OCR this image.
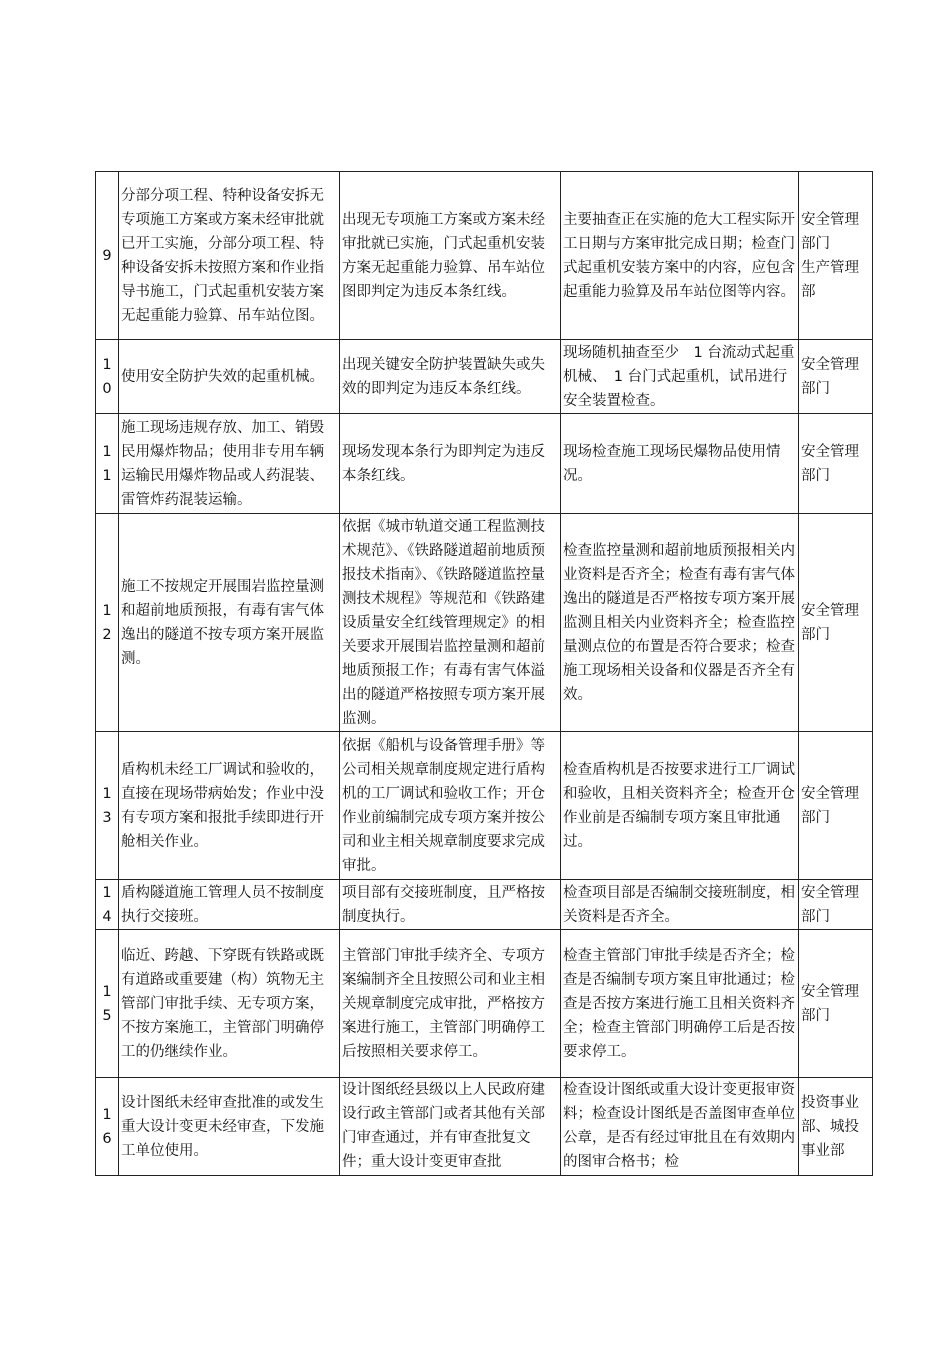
9	分部分项工程、特种设备安拆无专项施工方案或方案未经审批就已开工实施，分部分项工程、特种设备安拆未按照方案和作业指导书施工，门式起重机安装方案无起重能力验算、吊车站位图。	出现无专项施工方案或方案未经审批就已实施，门式起重机安装方案无起重能力验算、吊车站位图即判定为违反本条红线。	主要抽查正在实施的危大工程实际开工日期与方案审批完成日期；检查门式起重机安装方案中的内容，应包含起重能力验算及吊车站位图等内容。	安全管理部门
生产管理部
10	使用安全防护失效的起重机械。	出现关键安全防护装置缺失或失效的即判定为违反本条红线。	现场随机抽查至少　1 台流动式起重机械、　1 台门式起重机，试吊进行安全装置检查。	安全管理部门
11	施工现场违规存放、加工、销毁民用爆炸物品；使用非专用车辆运输民用爆炸物品或人药混装、雷管炸药混装运输。	现场发现本条行为即判定为违反本条红线。	现场检查施工现场民爆物品使用情况。	安全管理部门
12	施工不按规定开展围岩监控量测和超前地质预报，有毒有害气体逸出的隧道不按专项方案开展监测。	依据《城市轨道交通工程监测技术规范》、《铁路隧道超前地质预报技术指南》、《铁路隧道监控量测技术规程》等规范和《铁路建设质量安全红线管理规定》的相关要求开展围岩监控量测和超前地质预报工作；有毒有害气体溢出的隧道严格按照专项方案开展监测。	检查监控量测和超前地质预报相关内业资料是否齐全；检查有毒有害气体逸出的隧道是否严格按专项方案开展监测且相关内业资料齐全；检查监控量测点位的布置是否符合要求；检查施工现场相关设备和仪器是否齐全有效。	安全管理部门
13	盾构机未经工厂调试和验收的，直接在现场带病始发；作业中没有专项方案和报批手续即进行开舱相关作业。	依据《船机与设备管理手册》等公司相关规章制度规定进行盾构机的工厂调试和验收工作；开仓作业前编制完成专项方案并按公司和业主相关规章制度要求完成审批。	检查盾构机是否按要求进行工厂调试和验收，且相关资料齐全；检查开仓作业前是否编制专项方案且审批通过。	安全管理部门
14	盾构隧道施工管理人员不按制度执行交接班。	项目部有交接班制度，且严格按制度执行。	检查项目部是否编制交接班制度，相关资料是否齐全。	安全管理部门
15	临近、跨越、下穿既有铁路或既有道路或重要建（构）筑物无主管部门审批手续、无专项方案，不按方案施工，主管部门明确停工的仍继续作业。	主管部门审批手续齐全、专项方案编制齐全且按照公司和业主相关规章制度完成审批，严格按方案进行施工，主管部门明确停工后按照相关要求停工。	检查主管部门审批手续是否齐全；检查是否编制专项方案且审批通过；检查是否按方案进行施工且相关资料齐全；检查主管部门明确停工后是否按要求停工。	安全管理部门
16	设计图纸未经审查批准的或发生重大设计变更未经审查，下发施工单位使用。	设计图纸经县级以上人民政府建设行政主管部门或者其他有关部门审查通过，并有审查批复文件；重大设计变更审查批	检查设计图纸或重大设计变更报审资料；检查设计图纸是否盖图审查单位公章，是否有经过审批且在有效期内的图审合格书；检	投资事业部、城投事业部
